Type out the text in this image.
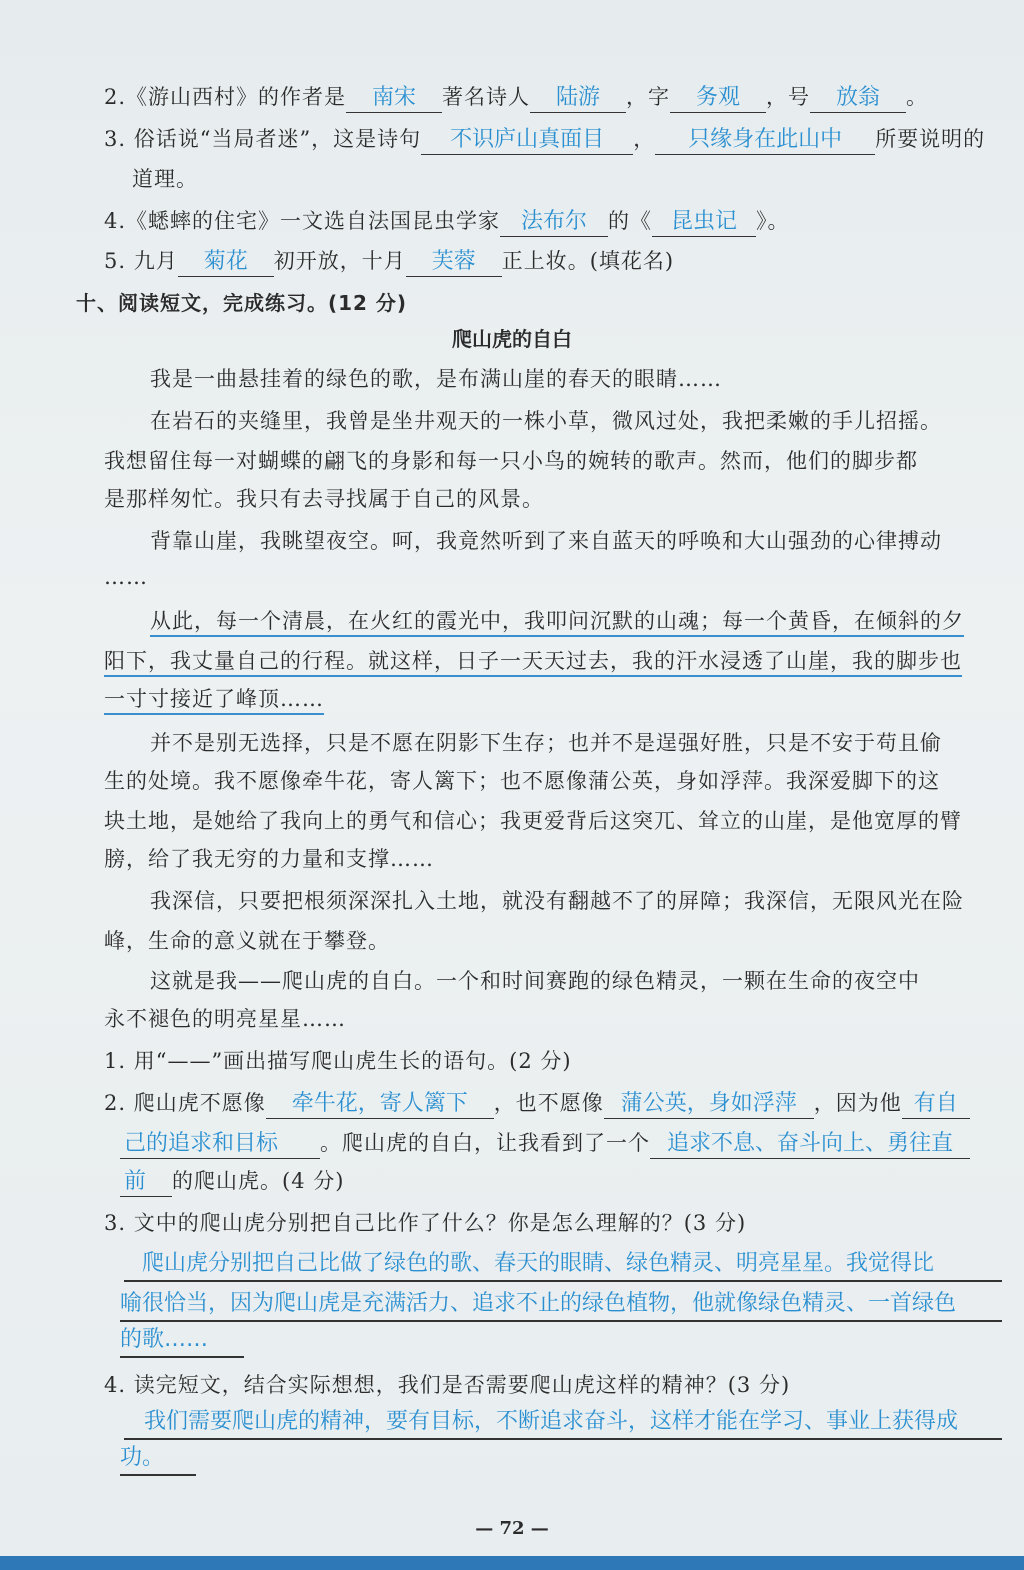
2.《游山西村》的作者是 南宋 著名诗人 陆游 ，字 务观 ，号 放翁 。
3. 俗话说“当局者迷”，这是诗句 不识庐山真面目 ， 只缘身在此山中 所要说明的
道理。
4.《蟋蟀的住宅》一文选自法国昆虫学家 法布尔 的《 昆虫记 》。
5. 九月 菊花 初开放，十月 芙蓉 正上妆。(填花名)
十、阅读短文，完成练习。(12 分)
爬山虎的自白
我是一曲悬挂着的绿色的歌，是布满山崖的春天的眼睛……
在岩石的夹缝里，我曾是坐井观天的一株小草，微风过处，我把柔嫩的手儿招摇。
我想留住每一对蝴蝶的翩飞的身影和每一只小鸟的婉转的歌声。然而，他们的脚步都
是那样匆忙。我只有去寻找属于自己的风景。
背靠山崖，我眺望夜空。呵，我竟然听到了来自蓝天的呼唤和大山强劲的心律搏动
……
从此，每一个清晨，在火红的霞光中，我叩问沉默的山魂；每一个黄昏，在倾斜的夕
阳下，我丈量自己的行程。就这样，日子一天天过去，我的汗水浸透了山崖，我的脚步也
一寸寸接近了峰顶……
并不是别无选择，只是不愿在阴影下生存；也并不是逞强好胜，只是不安于苟且偷
生的处境。我不愿像牵牛花，寄人篱下；也不愿像蒲公英，身如浮萍。我深爱脚下的这
块土地，是她给了我向上的勇气和信心；我更爱背后这突兀、耸立的山崖，是他宽厚的臂
膀，给了我无穷的力量和支撑……
我深信，只要把根须深深扎入土地，就没有翻越不了的屏障；我深信，无限风光在险
峰，生命的意义就在于攀登。
这就是我——爬山虎的自白。一个和时间赛跑的绿色精灵，一颗在生命的夜空中
永不褪色的明亮星星……
1. 用“——”画出描写爬山虎生长的语句。(2 分)
2. 爬山虎不愿像 牵牛花，寄人篱下 ，也不愿像 蒲公英，身如浮萍 ，因为他 有自
己的追求和目标 。爬山虎的自白，让我看到了一个 追求不息、奋斗向上、勇往直
前 的爬山虎。(4 分)
3. 文中的爬山虎分别把自己比作了什么？你是怎么理解的？(3 分)
爬山虎分别把自己比做了绿色的歌、春天的眼睛、绿色精灵、明亮星星。我觉得比
喻很恰当，因为爬山虎是充满活力、追求不止的绿色植物，他就像绿色精灵、一首绿色
的歌……
4. 读完短文，结合实际想想，我们是否需要爬山虎这样的精神？(3 分)
我们需要爬山虎的精神，要有目标，不断追求奋斗，这样才能在学习、事业上获得成
功。
— 72 —
